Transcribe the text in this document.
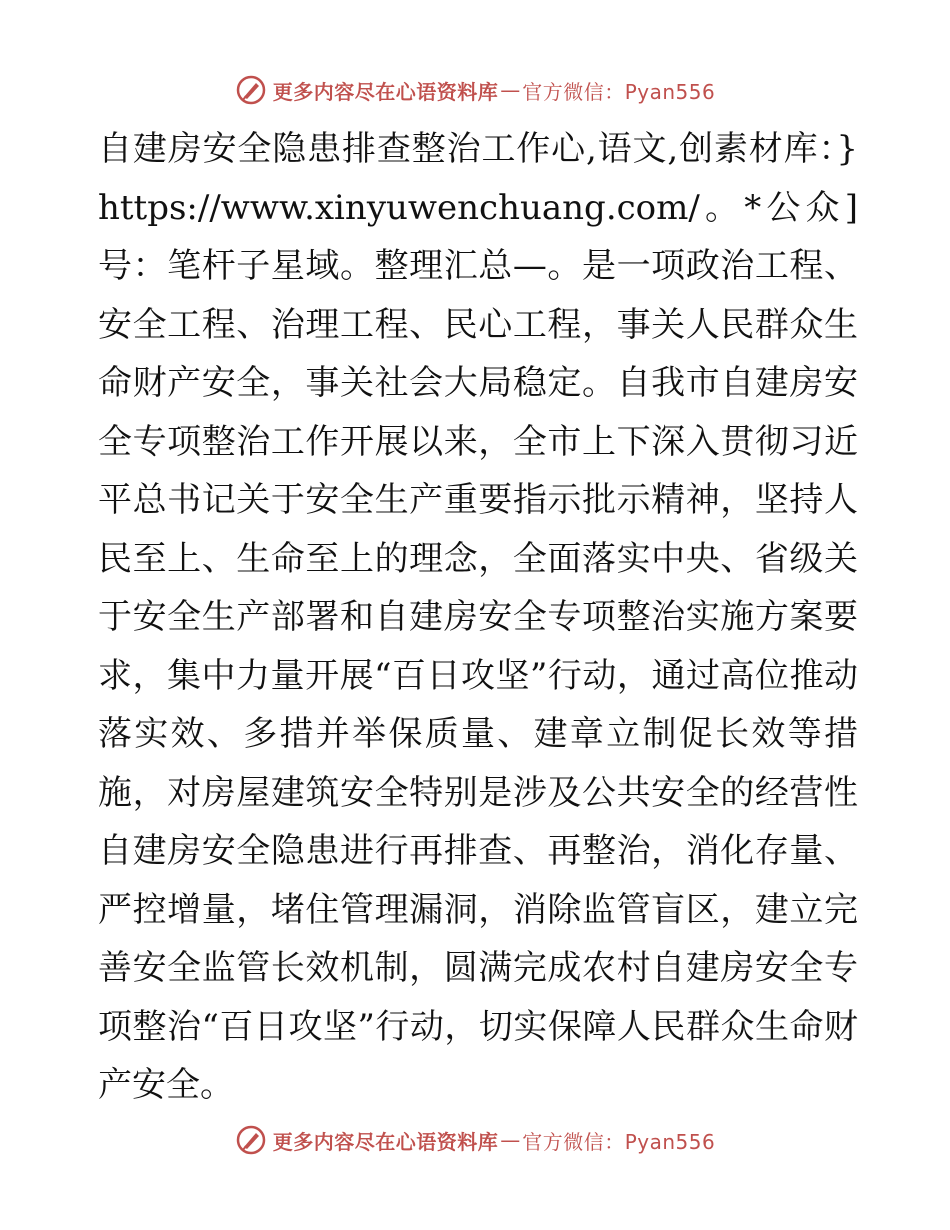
更多内容尽在心语资料库 — 官方微信：Pyan556

自建房安全隐患排查整治工作心,语文,创素材库：}https://www.xinyuwenchuang.com/。*公众]号：笔杆子星域。整理汇总—。是一项政治工程、安全工程、治理工程、民心工程，事关人民群众生命财产安全，事关社会大局稳定。自我市自建房安全专项整治工作开展以来，全市上下深入贯彻习近平总书记关于安全生产重要指示批示精神，坚持人民至上、生命至上的理念，全面落实中央、省级关于安全生产部署和自建房安全专项整治实施方案要求，集中力量开展“百日攻坚”行动，通过高位推动落实效、多措并举保质量、建章立制促长效等措施，对房屋建筑安全特别是涉及公共安全的经营性自建房安全隐患进行再排查、再整治，消化存量、严控增量，堵住管理漏洞，消除监管盲区，建立完善安全监管长效机制，圆满完成农村自建房安全专项整治“百日攻坚”行动，切实保障人民群众生命财产安全。

更多内容尽在心语资料库 — 官方微信：Pyan556
